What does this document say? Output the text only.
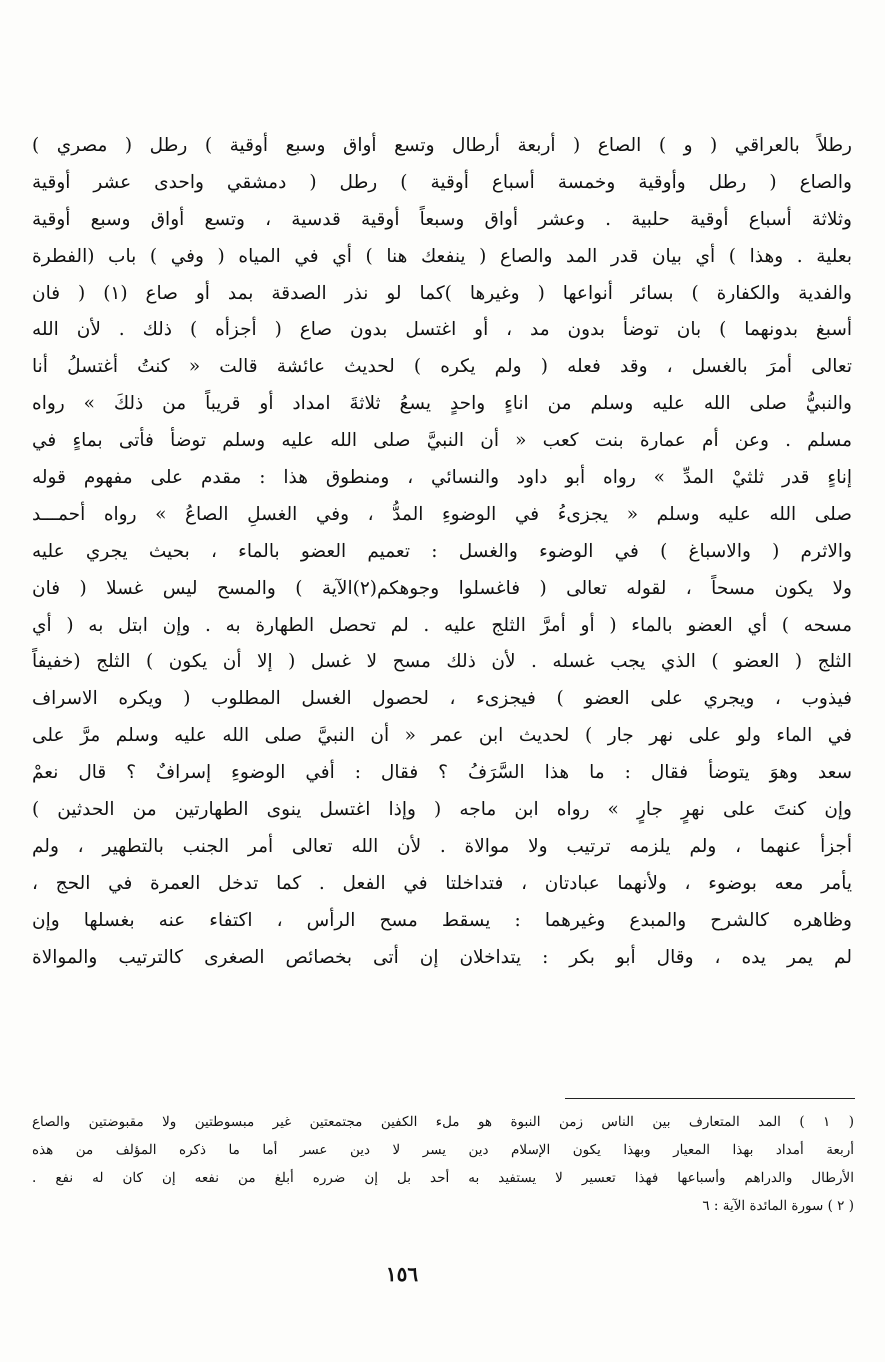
رطلاً بالعراقي ( و ) الصاع ( أربعة أرطال وتسع أواق وسبع أوقية ) رطل ( مصري )
والصاع ( رطل وأوقية وخمسة أسباع أوقية ) رطل ( دمشقي واحدى عشر أوقية
وثلاثة أسباع أوقية حلبية . وعشر أواق وسبعاً أوقية قدسية ، وتسع أواق وسبع أوقية
بعلية . وهذا ) أي بيان قدر المد والصاع ( ينفعك هنا ) أي في المياه ( وفي ) باب (الفطرة
والفدية والكفارة ) بسائر أنواعها ( وغيرها )كما لو نذر الصدقة بمد أو صاع (١) ( فان
أسبغ بدونهما ) بان توضأ بدون مد ، أو اغتسل بدون صاع ( أجزأه ) ذلك . لأن الله
تعالى أمرَ بالغسل ، وقد فعله ( ولم يكره ) لحديث عائشة قالت « كنتُ أغتسلُ أنا
والنبيُّ صلى الله عليه وسلم من اناءٍ واحدٍ يسعُ ثلاثةَ امداد أو قريباً من ذلكَ » رواه
مسلم . وعن أم عمارة بنت كعب « أن النبيَّ صلى الله عليه وسلم توضأ فأتى بماءٍ في
إناءٍ قدر ثلثيْ المدِّ » رواه أبو داود والنسائي ، ومنطوق هذا : مقدم على مفهوم قوله
صلى الله عليه وسلم « يجزىءُ في الوضوءِ المدُّ ، وفي الغسلِ الصاعُ » رواه أحمـــد
والاثرم ( والاسباغ ) في الوضوء والغسل : تعميم العضو بالماء ، بحيث يجري عليه
ولا يكون مسحاً ، لقوله تعالى ( فاغسلوا وجوهكم(٢)الآية ) والمسح ليس غسلا ( فان
مسحه ) أي العضو بالماء ( أو أمرَّ الثلج عليه . لم تحصل الطهارة به . وإن ابتل به ( أي
الثلج ( العضو ) الذي يجب غسله . لأن ذلك مسح لا غسل ( إلا أن يكون ) الثلج (خفيفاً
فيذوب ، ويجري على العضو ) فيجزىء ، لحصول الغسل المطلوب ( ويكره الاسراف
في الماء ولو على نهر جار ) لحديث ابن عمر « أن النبيَّ صلى الله عليه وسلم مرَّ على
سعد وهوَ يتوضأ فقال : ما هذا السَّرَفُ ؟ فقال : أفي الوضوءِ إسرافٌ ؟ قال نعمْ
وإن كنتَ على نهرٍ جارٍ » رواه ابن ماجه ( وإذا اغتسل ينوى الطهارتين من الحدثين )
أجزأ عنهما ، ولم يلزمه ترتيب ولا موالاة . لأن الله تعالى أمر الجنب بالتطهير ، ولم
يأمر معه بوضوء ، ولأنهما عبادتان ، فتداخلتا في الفعل . كما تدخل العمرة في الحج ،
وظاهره كالشرح والمبدع وغيرهما : يسقط مسح الرأس ، اكتفاء عنه بغسلها وإن
لم يمر يده ، وقال أبو بكر : يتداخلان إن أتى بخصائص الصغرى كالترتيب والموالاة
( ١ ) المد المتعارف بين الناس زمن النبوة هو ملء الكفين مجتمعتين غير مبسوطتين ولا مقبوضتين والصاع
أربعة أمداد بهذا المعيار وبهذا يكون الإسلام دين يسر لا دين عسر أما ما ذكره المؤلف من هذه
الأرطال والدراهم وأسباعها فهذا تعسير لا يستفيد به أحد بل إن ضرره أبلغ من نفعه إن كان له نفع .
( ٢ ) سورة المائدة الآية : ٦
١٥٦
